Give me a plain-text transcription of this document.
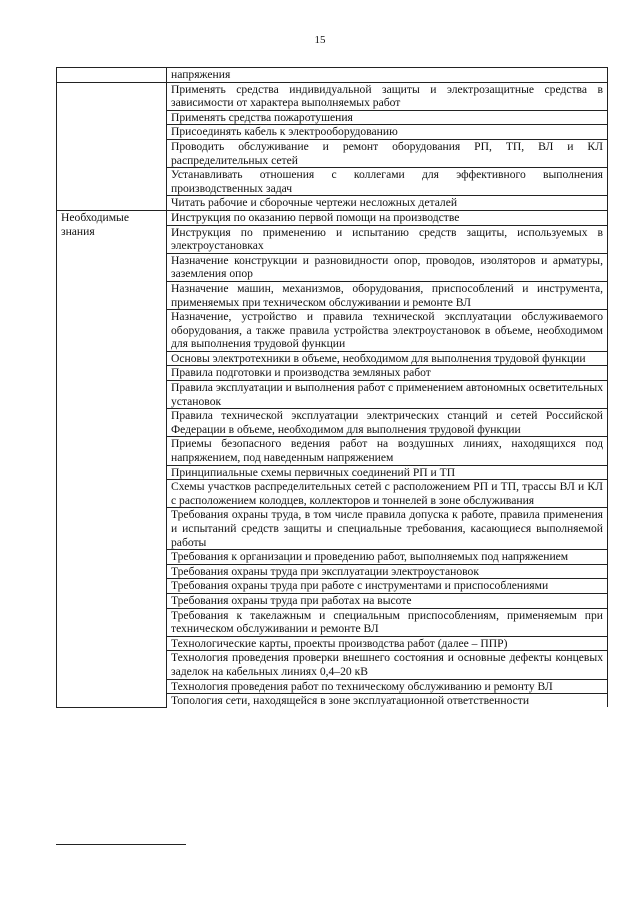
15

	напряжения

	Применять средства индивидуальной защиты и электрозащитные средства в зависимости от характера выполняемых работ

	Применять средства пожаротушения

	Присоединять кабель к электрооборудованию

	Проводить обслуживание и ремонт оборудования РП, ТП, ВЛ и КЛ распределительных сетей

	Устанавливать отношения с коллегами для эффективного выполнения производственных задач

	Читать рабочие и сборочные чертежи несложных деталей

Необходимые знания	Инструкция по оказанию первой помощи на производстве

	Инструкция по применению и испытанию средств защиты, используемых в электроустановках

	Назначение конструкции и разновидности опор, проводов, изоляторов и арматуры, заземления опор

	Назначение машин, механизмов, оборудования, приспособлений и инструмента, применяемых при техническом обслуживании и ремонте ВЛ

	Назначение, устройство и правила технической эксплуатации обслуживаемого оборудования, а также правила устройства электроустановок в объеме, необходимом для выполнения трудовой функции

	Основы электротехники в объеме, необходимом для выполнения трудовой функции

	Правила подготовки и производства земляных работ

	Правила эксплуатации и выполнения работ с применением автономных осветительных установок

	Правила технической эксплуатации электрических станций и сетей Российской Федерации в объеме, необходимом для выполнения трудовой функции

	Приемы безопасного ведения работ на воздушных линиях, находящихся под напряжением, под наведенным напряжением

	Принципиальные схемы первичных соединений РП и ТП

	Схемы участков распределительных сетей с расположением РП и ТП, трассы ВЛ и КЛ с расположением колодцев, коллекторов и тоннелей в зоне обслуживания

	Требования охраны труда, в том числе правила допуска к работе, правила применения и испытаний средств защиты и специальные требования, касающиеся выполняемой работы

	Требования к организации и проведению работ, выполняемых под напряжением

	Требования охраны труда при эксплуатации электроустановок

	Требования охраны труда при работе с инструментами и приспособлениями

	Требования охраны труда при работах на высоте

	Требования к такелажным и специальным приспособлениям, применяемым при техническом обслуживании и ремонте ВЛ

	Технологические карты, проекты производства работ (далее – ППР)

	Технология проведения проверки внешнего состояния и основные дефекты концевых заделок на кабельных линиях 0,4–20 кВ

	Технология проведения работ по техническому обслуживанию и ремонту ВЛ

	Топология сети, находящейся в зоне эксплуатационной ответственности
